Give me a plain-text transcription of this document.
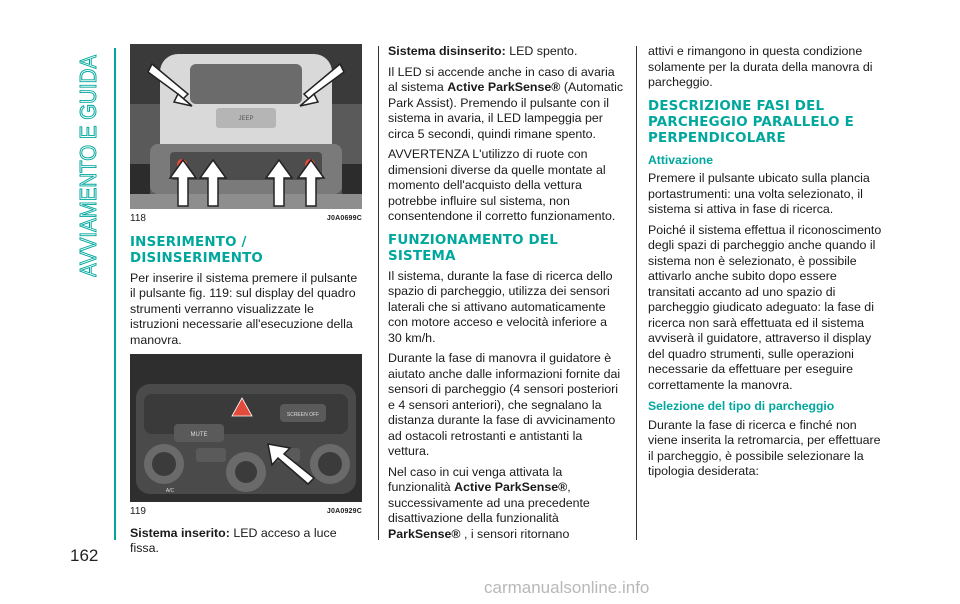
AVVIAMENTO E GUIDA
162
carmanualsonline.info
JEEP
118	J0A0699C
INSERIMENTO / DISINSERIMENTO

Per inserire il sistema premere il pulsante il pulsante fig. 119: sul display del quadro strumenti verranno visualizzate le istruzioni necessarie all'esecuzione della manovra.

MUTE
SCREEN OFF
A/C
119	J0A0929C

Sistema inserito: LED acceso a luce fissa.

Sistema disinserito: LED spento.

Il LED si accende anche in caso di avaria al sistema Active ParkSense® (Automatic Park Assist). Premendo il pulsante con il sistema in avaria, il LED lampeggia per circa 5 secondi, quindi rimane spento.

AVVERTENZA L'utilizzo di ruote con dimensioni diverse da quelle montate al momento dell'acquisto della vettura potrebbe influire sul sistema, non consentendone il corretto funzionamento.

FUNZIONAMENTO DEL SISTEMA

Il sistema, durante la fase di ricerca dello spazio di parcheggio, utilizza dei sensori laterali che si attivano automaticamente con motore acceso e velocità inferiore a 30 km/h.

Durante la fase di manovra il guidatore è aiutato anche dalle informazioni fornite dai sensori di parcheggio (4 sensori posteriori e 4 sensori anteriori), che segnalano la distanza durante la fase di avvicinamento ad ostacoli retrostanti e antistanti la vettura.

Nel caso in cui venga attivata la funzionalità Active ParkSense®, successivamente ad una precedente disattivazione della funzionalità ParkSense® , i sensori ritornano

attivi e rimangono in questa condizione solamente per la durata della manovra di parcheggio.

DESCRIZIONE FASI DEL PARCHEGGIO PARALLELO E PERPENDICOLARE
Attivazione

Premere il pulsante ubicato sulla plancia portastrumenti: una volta selezionato, il sistema si attiva in fase di ricerca.

Poiché il sistema effettua il riconoscimento degli spazi di parcheggio anche quando il sistema non è selezionato, è possibile attivarlo anche subito dopo essere transitati accanto ad uno spazio di parcheggio giudicato adeguato: la fase di ricerca non sarà effettuata ed il sistema avviserà il guidatore, attraverso il display del quadro strumenti, sulle operazioni necessarie da effettuare per eseguire correttamente la manovra.

Selezione del tipo di parcheggio

Durante la fase di ricerca e finché non viene inserita la retromarcia, per effettuare il parcheggio, è possibile selezionare la tipologia desiderata:
